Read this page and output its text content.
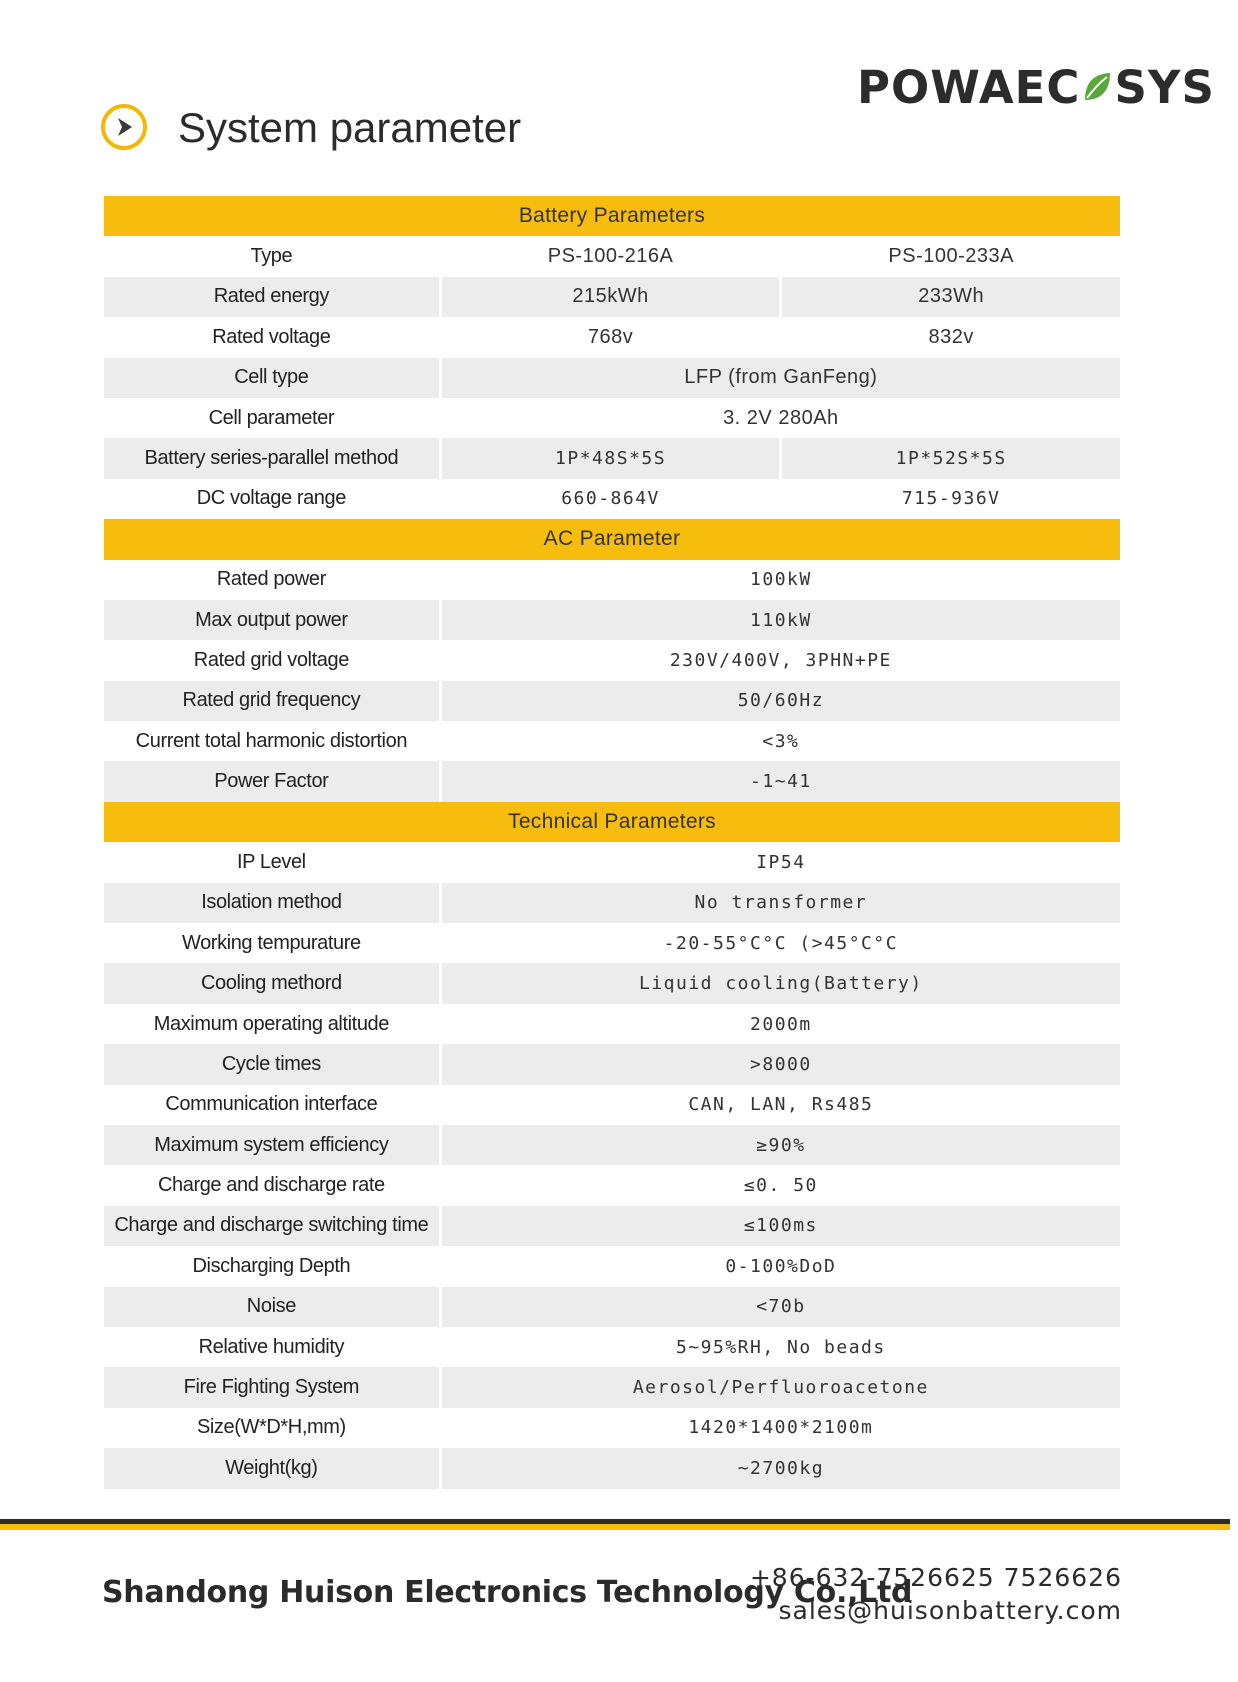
System parameter
POWAEC SYS
Battery Parameters		
Type	PS-100-216A	PS-100-233A
Rated energy	215kWh	233Wh
Rated voltage	768v	832v
Cell type	LFP (from GanFeng)	
Cell parameter	3. 2V 280Ah	
Battery series-parallel method	1P*48S*5S	1P*52S*5S
DC voltage range	660-864V	715-936V
AC Parameter		
Rated power	100kW	
Max output power	110kW	
Rated grid voltage	230V/400V, 3PHN+PE	
Rated grid frequency	50/60Hz	
Current total harmonic distortion	<3%	
Power Factor	-1~41	
Technical Parameters		
IP Level	IP54	
Isolation method	No transformer	
Working tempurature	-20-55°C°C (>45°C°C	
Cooling methord	Liquid cooling(Battery)	
Maximum operating altitude	2000m	
Cycle times	>8000	
Communication interface	CAN, LAN, Rs485	
Maximum system efficiency	≥90%	
Charge and discharge rate	≤0. 50	
Charge and discharge switching time	≤100ms	
Discharging Depth	0-100%DoD	
Noise	<70b	
Relative humidity	5~95%RH, No beads	
Fire Fighting System	Aerosol/Perfluoroacetone	
Size(W*D*H,mm)	1420*1400*2100m	
Weight(kg)	~2700kg	
Shandong Huison Electronics Technology Co.,Ltd
+86-632-7526625 7526626
sales@huisonbattery.com
